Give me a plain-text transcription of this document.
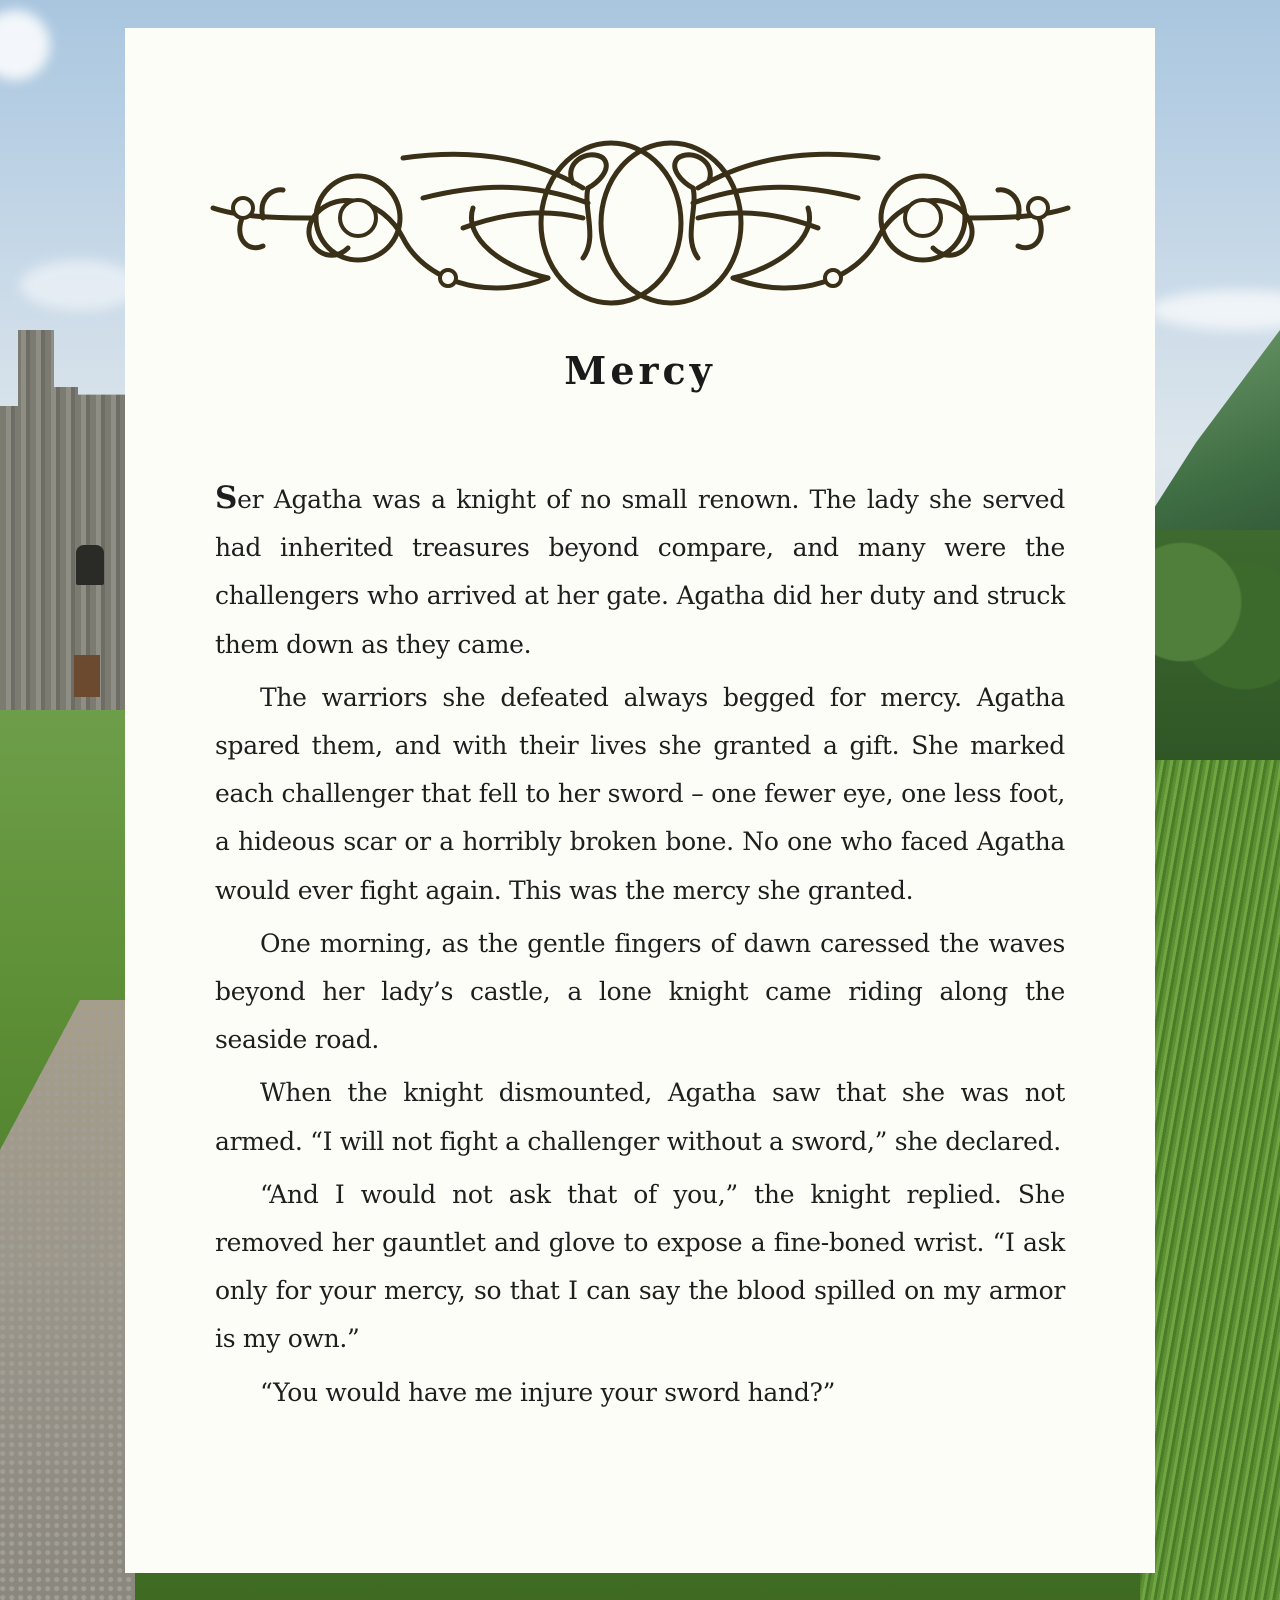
Mercy

Ser Agatha was a knight of no small renown. The lady she served had inherited treasures beyond compare, and many were the challengers who arrived at her gate. Agatha did her duty and struck them down as they came.

The warriors she defeated always begged for mercy. Agatha spared them, and with their lives she granted a gift. She marked each challenger that fell to her sword – one fewer eye, one less foot, a hideous scar or a horribly broken bone. No one who faced Agatha would ever fight again. This was the mercy she granted.

One morning, as the gentle fingers of dawn caressed the waves beyond her lady’s castle, a lone knight came riding along the seaside road.

When the knight dismounted, Agatha saw that she was not armed. “I will not fight a challenger without a sword,” she declared.

“And I would not ask that of you,” the knight replied. She removed her gauntlet and glove to expose a fine-boned wrist. “I ask only for your mercy, so that I can say the blood spilled on my armor is my own.”

“You would have me injure your sword hand?”
